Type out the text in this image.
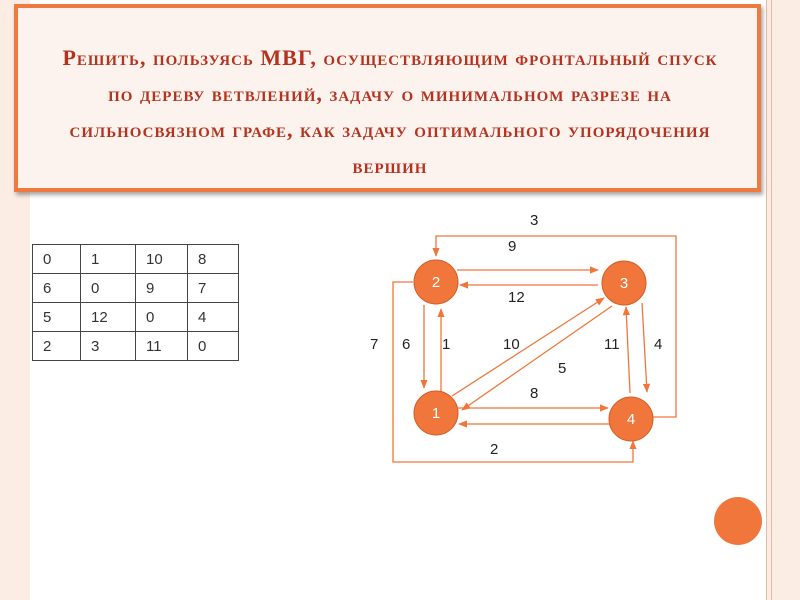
Решить, пользуясь МВГ, осуществляющим фронтальный спуск по дереву ветвлений, задачу о минимальном разрезе на сильносвязном графе, как задачу оптимального упорядочения вершин
0	1	10	8
6	0	9	7
5	12	0	4
2	3	11	0
3
9
12
7 6 1	10	11 4
5
8
2
2	3
1	4
